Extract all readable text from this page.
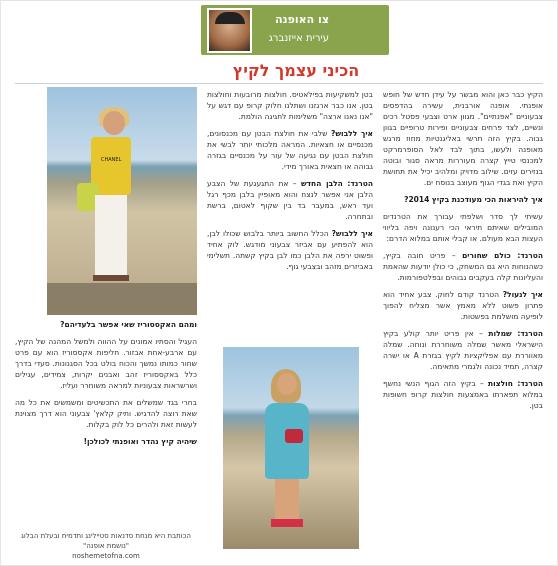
צו האופנה
עירית אייזנברג
הכיני עצמך לקיץ

הקיץ כבר כאן והוא מבשר על עידן חדש של חופש אופנתי. אופנה אורבנית, עשירה בהדפסים צבעוניים "אפנתיים". מגוון ארט וצבעי פסטל רכים ונשיים, לצד פרחים צבעוניים ופירות טרופיים בגוון גבוה. בקיץ הזה תרשי באליגנטיות מחוז מרגש מאופנה ולעשו, בתוך לבד לאל הסופרמרקט למכנסי טייץ קצרה מעוררות מראה סגור ובוטה בנזירים עזים. שילוב מדויק ומלהיב יכיל את תחושת הקיץ ואת בגדי הגוף מעוצב בנוסח ים.

איך להיראות הכי מעודכנת בקיץ 2014?

עשיתי לך סדר ושלפתי עבורך את הטרנדים המובילים שאיתם תיראי הכי רענונה ויפה בליווי העצות הבא מעולם. או קבלי אותם במלוא הדרם:

הטרנד: כולם שחורים – פריט חובה בקיץ, כשהנוחות היא גם המשחק, כי כולן יודעות שהאמת והעליונות קלה בעקבים גבוהים ובפלטפורמות.

איך לנעול? הטרנד קודם לחוק. צבע אחיד הוא פתרון פשוט ללא מאמץ אשר מצליח להפוך לופיעה מושלמת בפשטות.

הטרנד: שמלות – אין פריט יותר קולע בקיץ הישראלי מאשר שמלה משוחררת ונוחה. שמלה מאווררת עם אפליקציות לקיץ בגזרת A או ישרה קצרה, תמיד נכונה ולגמרי מתאימה.

הטרנד: חולצות – בקיץ הזה הגוף הנשי נחשף במלוא תפארתו באמצעות חולצות קרופ חשופות בטן.

בטן למשקיעות בפילאטיס. חולצות מרובעות וחולצות בטן. אנו כבר ארגזנו ושתלנו חלוק קרופ עם דגש על "אנו נאנו ארצה" משלימות לחגיגה הולמת.

איך ללבוש? שלבי את חולצת הבטן עם מכנסונים, מכנסיים או חצאיות. המראה מלכותי יותר לבשי את חולצת הבטן עם נגיעה של עור על מכנסיים בגזרה גבוהה או חצאית באורך מידי.

הטרנד: הלבן החדש – את התגעגעת של הצבע הלבן אני אפשר לנצח והוא מאופיין בלבן מכף רגל ועד ראש, במעבר בד בין שקוף לאטום, ברשת ובתחרה.

איך ללבוש? הכלל החשוב ביותר בלבוש שכולו לבן, הוא להפתיע עם אביזר צבעוני מודגש. לוק אחיד ופשוט ירפה את הלבן כמו לבן בקיץ קשתה. תשלימי באביזרים מזהב ובצבעי גוף.

CHANEL

ומהם האקססוריז שאי אפשר בלעדיהם?

העגיל והסתיו אמונים על ההווה ולמשל המהנה של הקיץ, עם ארבע-אחת אבזור. חליפות אקססוריז הוא עם פרט שחור כמותו נמשך והכוח בולט בכל הסגנונות. סעדי בדרך כלל באקססוריז זהב ואבנים יקרות, צמידים, עגילים ושרשראות צבעוניות למראה משוחרר ועליז.

בחרי בגד שמשלים את התכשיטים ומשמשים את כל מה שאת רוצה להדגיש. ותיק קלאץ' צבעוני הוא דרך מצוינת לעשות זאת ולהרים כל לוק בקלות.

שיהיה קיץ נהדר ואופנתי לכולכן!

הכותבת היא מנחת סדנאות סטיילינג ותדמית ובעלת הבלוג "נושמת אופנה"
noshemetofna.com
